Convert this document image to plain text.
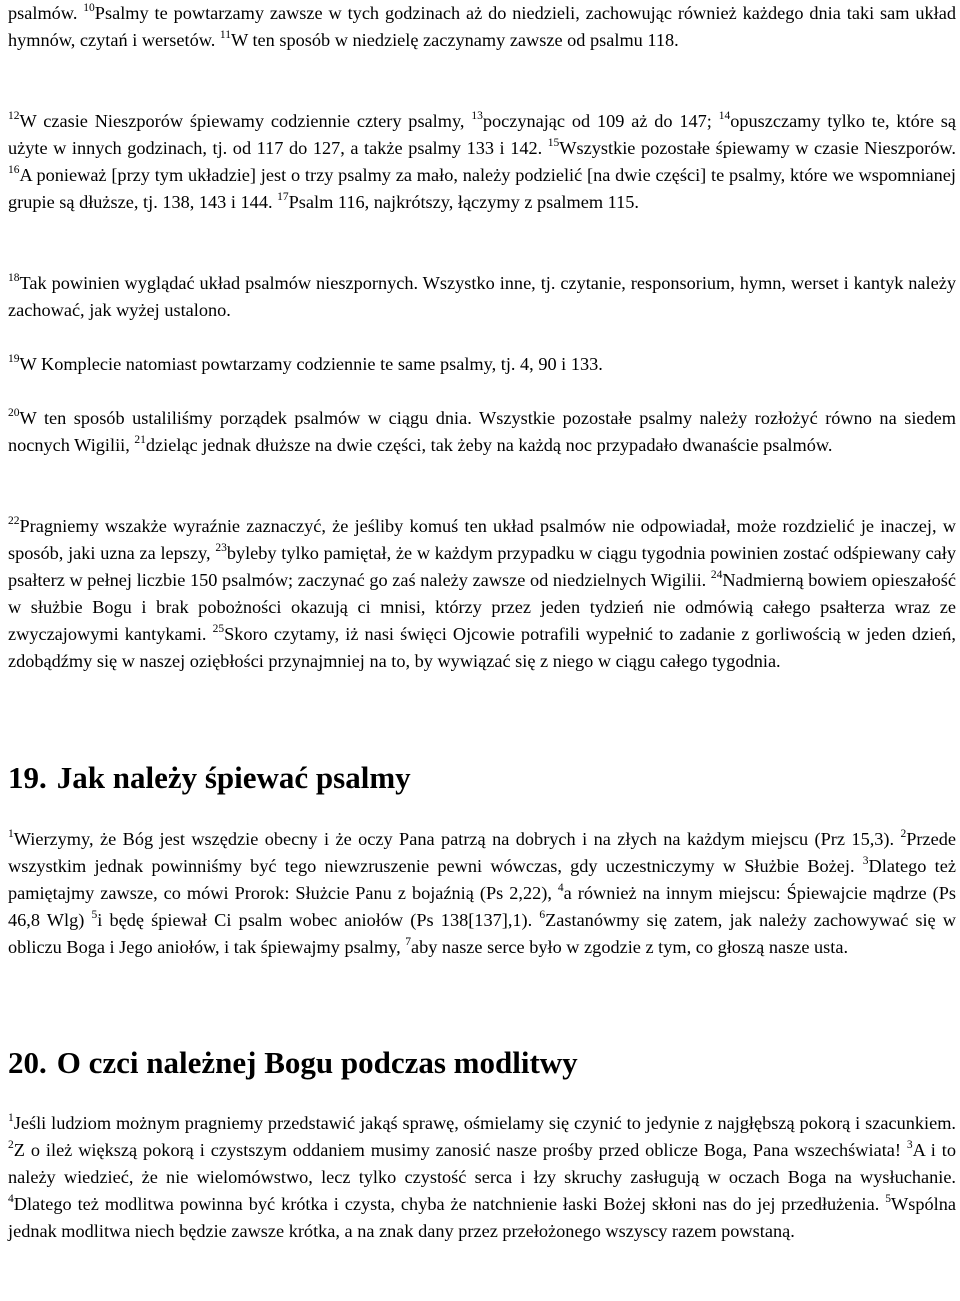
psalmów. $^{10}$Psalmy te powtarzamy zawsze w tych godzinach aż do niedzieli, zachowując również każdego dnia taki sam układ hymnów, czytań i wersetów. $^{11}$W ten sposób w niedzielę zaczynamy zawsze od psalmu 118.

$^{12}$W czasie Nieszporów śpiewamy codziennie cztery psalmy, $^{13}$poczynając od 109 aż do 147; $^{14}$opuszczamy tylko te, które są użyte w innych godzinach, tj. od 117 do 127, a także psalmy 133 i 142. $^{15}$Wszystkie pozostałe śpiewamy w czasie Nieszporów. $^{16}$A ponieważ [przy tym układzie] jest o trzy psalmy za mało, należy podzielić [na dwie części] te psalmy, które we wspomnianej grupie są dłuższe, tj. 138, 143 i 144. $^{17}$Psalm 116, najkrótszy, łączymy z psalmem 115.

$^{18}$Tak powinien wyglądać układ psalmów nieszpornych. Wszystko inne, tj. czytanie, responsorium, hymn, werset i kantyk należy zachować, jak wyżej ustalono.

$^{19}$W Komplecie natomiast powtarzamy codziennie te same psalmy, tj. 4, 90 i 133.

$^{20}$W ten sposób ustaliliśmy porządek psalmów w ciągu dnia. Wszystkie pozostałe psalmy należy rozłożyć równo na siedem nocnych Wigilii, $^{21}$dzieląc jednak dłuższe na dwie części, tak żeby na każdą noc przypadało dwanaście psalmów.

$^{22}$Pragniemy wszakże wyraźnie zaznaczyć, że jeśliby komuś ten układ psalmów nie odpowiadał, może rozdzielić je inaczej, w sposób, jaki uzna za lepszy, $^{23}$byleby tylko pamiętał, że w każdym przypadku w ciągu tygodnia powinien zostać odśpiewany cały psałterz w pełnej liczbie 150 psalmów; zaczynać go zaś należy zawsze od niedzielnych Wigilii. $^{24}$Nadmierną bowiem opieszałość w służbie Bogu i brak pobożności okazują ci mnisi, którzy przez jeden tydzień nie odmówią całego psałterza wraz ze zwyczajowymi kantykami. $^{25}$Skoro czytamy, iż nasi święci Ojcowie potrafili wypełnić to zadanie z gorliwością w jeden dzień, zdobądźmy się w naszej oziębłości przynajmniej na to, by wywiązać się z niego w ciągu całego tygodnia.

19. Jak należy śpiewać psalmy

$^1$Wierzymy, że Bóg jest wszędzie obecny i że oczy Pana patrzą na dobrych i na złych na każdym miejscu (Prz 15,3). $^2$Przede wszystkim jednak powinniśmy być tego niewzruszenie pewni wówczas, gdy uczestniczymy w Służbie Bożej. $^3$Dlatego też pamiętajmy zawsze, co mówi Prorok: Służcie Panu z bojaźnią (Ps 2,22), $^4$a również na innym miejscu: Śpiewajcie mądrze (Ps 46,8 Wlg) $^5$i będę śpiewał Ci psalm wobec aniołów (Ps 138[137],1). $^6$Zastanówmy się zatem, jak należy zachowywać się w obliczu Boga i Jego aniołów, i tak śpiewajmy psalmy, $^7$aby nasze serce było w zgodzie z tym, co głoszą nasze usta.

20. O czci należnej Bogu podczas modlitwy

$^1$Jeśli ludziom możnym pragniemy przedstawić jakąś sprawę, ośmielamy się czynić to jedynie z najgłębszą pokorą i szacunkiem. $^2$Z o ileż większą pokorą i czystszym oddaniem musimy zanosić nasze prośby przed oblicze Boga, Pana wszechświata! $^3$A i to należy wiedzieć, że nie wielomówstwo, lecz tylko czystość serca i łzy skruchy zasługują w oczach Boga na wysłuchanie. $^4$Dlatego też modlitwa powinna być krótka i czysta, chyba że natchnienie łaski Bożej skłoni nas do jej przedłużenia. $^5$Wspólna jednak modlitwa niech będzie zawsze krótka, a na znak dany przez przełożonego wszyscy razem powstaną.
